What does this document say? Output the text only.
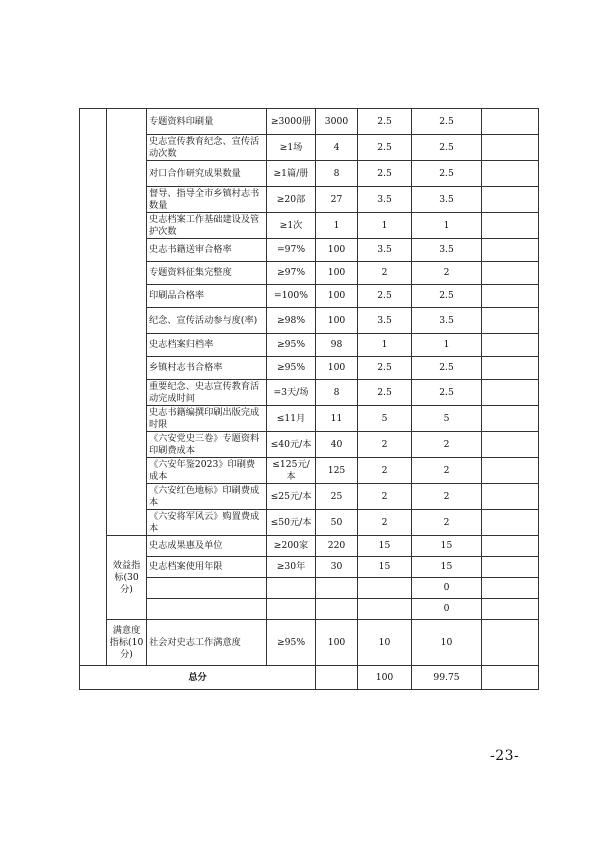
		专题资料印刷量	≥3000册	3000	2.5	2.5	
		史志宣传教育纪念、宣传活动次数	≥1场	4	2.5	2.5	
		对口合作研究成果数量	≥1篇/册	8	2.5	2.5	
		督导、指导全市乡镇村志书数量	≥20部	27	3.5	3.5	
		史志档案工作基础建设及管护次数	≥1次	1	1	1	
		史志书籍送审合格率	=97%	100	3.5	3.5	
		专题资料征集完整度	≥97%	100	2	2	
		印刷品合格率	=100%	100	2.5	2.5	
		纪念、宣传活动参与度(率)	≥98%	100	3.5	3.5	
		史志档案归档率	≥95%	98	1	1	
		乡镇村志书合格率	≥95%	100	2.5	2.5	
		重要纪念、史志宣传教育活动完成时间	=3天/场	8	2.5	2.5	
		史志书籍编撰印刷出版完成时限	≤11月	11	5	5	
		《六安党史三卷》专题资料印刷费成本	≤40元/本	40	2	2	
		《六安年鉴2023》印刷费成本	≤125元/本	125	2	2	
		《六安红色地标》印刷费成本	≤25元/本	25	2	2	
		《六安将军风云》购置费成本	≤50元/本	50	2	2	
	效益指标(30分)	史志成果惠及单位	≥200家	220	15	15	
		史志档案使用年限	≥30年	30	15	15	
						0	
						0	
	满意度指标(10分)	社会对史志工作满意度	≥95%	100	10	10	
总分					100	99.75	
-23-
